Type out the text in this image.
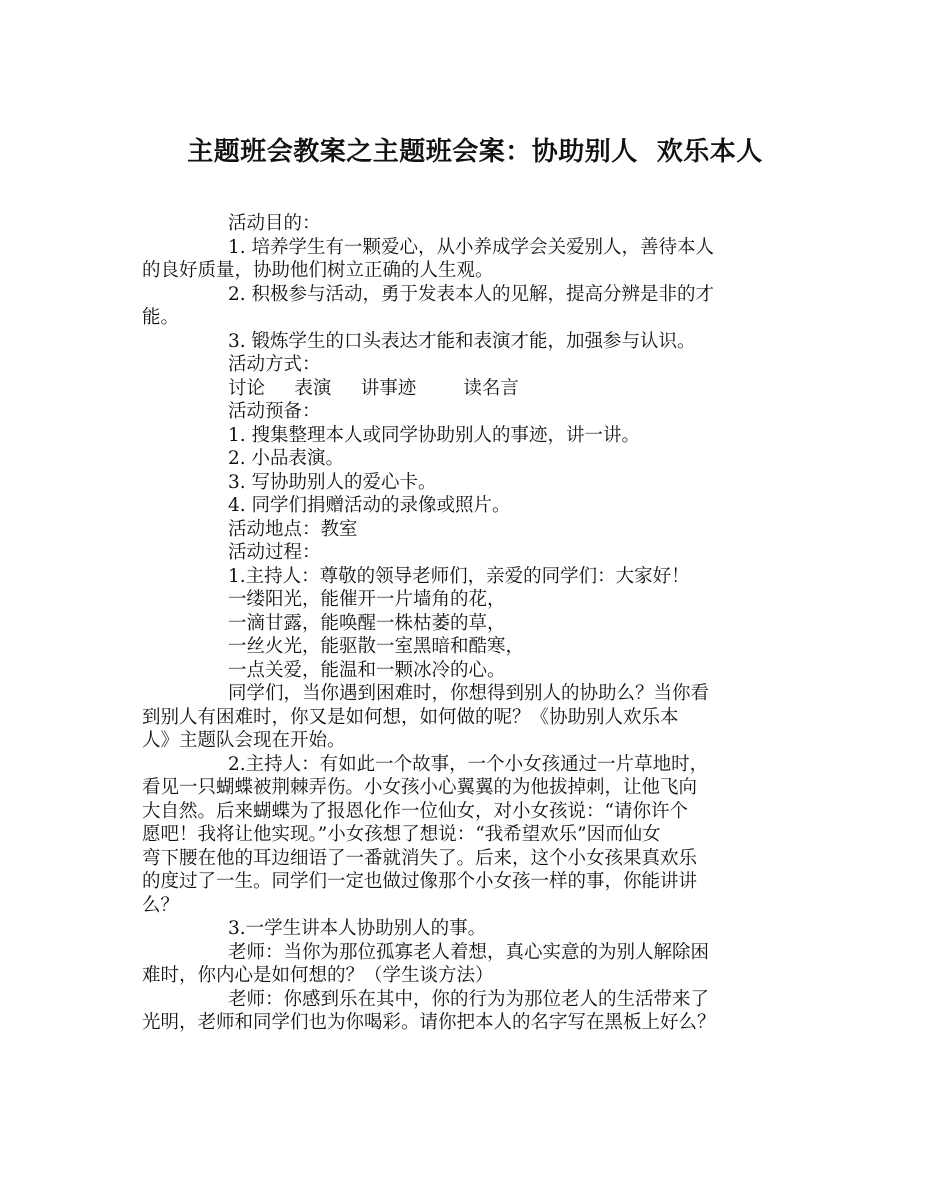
主题班会教案之主题班会案：协助别人  欢乐本人
活动目的：
1. 培养学生有一颗爱心，从小养成学会关爱别人，善待本人
的良好质量，协助他们树立正确的人生观。
2. 积极参与活动，勇于发表本人的见解，提高分辨是非的才
能。
3. 锻炼学生的口头表达才能和表演才能，加强参与认识。
活动方式：
讨论     表演     讲事迹        读名言
活动预备：
1. 搜集整理本人或同学协助别人的事迹，讲一讲。
2. 小品表演。
3. 写协助别人的爱心卡。
4. 同学们捐赠活动的录像或照片。
活动地点：教室
活动过程：
1.主持人：尊敬的领导老师们，亲爱的同学们：大家好！
一缕阳光，能催开一片墙角的花，
一滴甘露，能唤醒一株枯萎的草，
一丝火光，能驱散一室黑暗和酷寒，
一点关爱，能温和一颗冰冷的心。
同学们，当你遇到困难时，你想得到别人的协助么？当你看
到别人有困难时，你又是如何想，如何做的呢？《协助别人欢乐本
人》主题队会现在开始。
2.主持人：有如此一个故事，一个小女孩通过一片草地时，
看见一只蝴蝶被荆棘弄伤。小女孩小心翼翼的为他拔掉刺，让他飞向
大自然。后来蝴蝶为了报恩化作一位仙女，对小女孩说：“请你许个
愿吧！我将让他实现。”小女孩想了想说：“我希望欢乐”因而仙女
弯下腰在他的耳边细语了一番就消失了。后来，这个小女孩果真欢乐
的度过了一生。同学们一定也做过像那个小女孩一样的事，你能讲讲
么？
3.一学生讲本人协助别人的事。
老师：当你为那位孤寡老人着想，真心实意的为别人解除困
难时，你内心是如何想的？（学生谈方法）
老师：你感到乐在其中，你的行为为那位老人的生活带来了
光明，老师和同学们也为你喝彩。请你把本人的名字写在黑板上好么？
